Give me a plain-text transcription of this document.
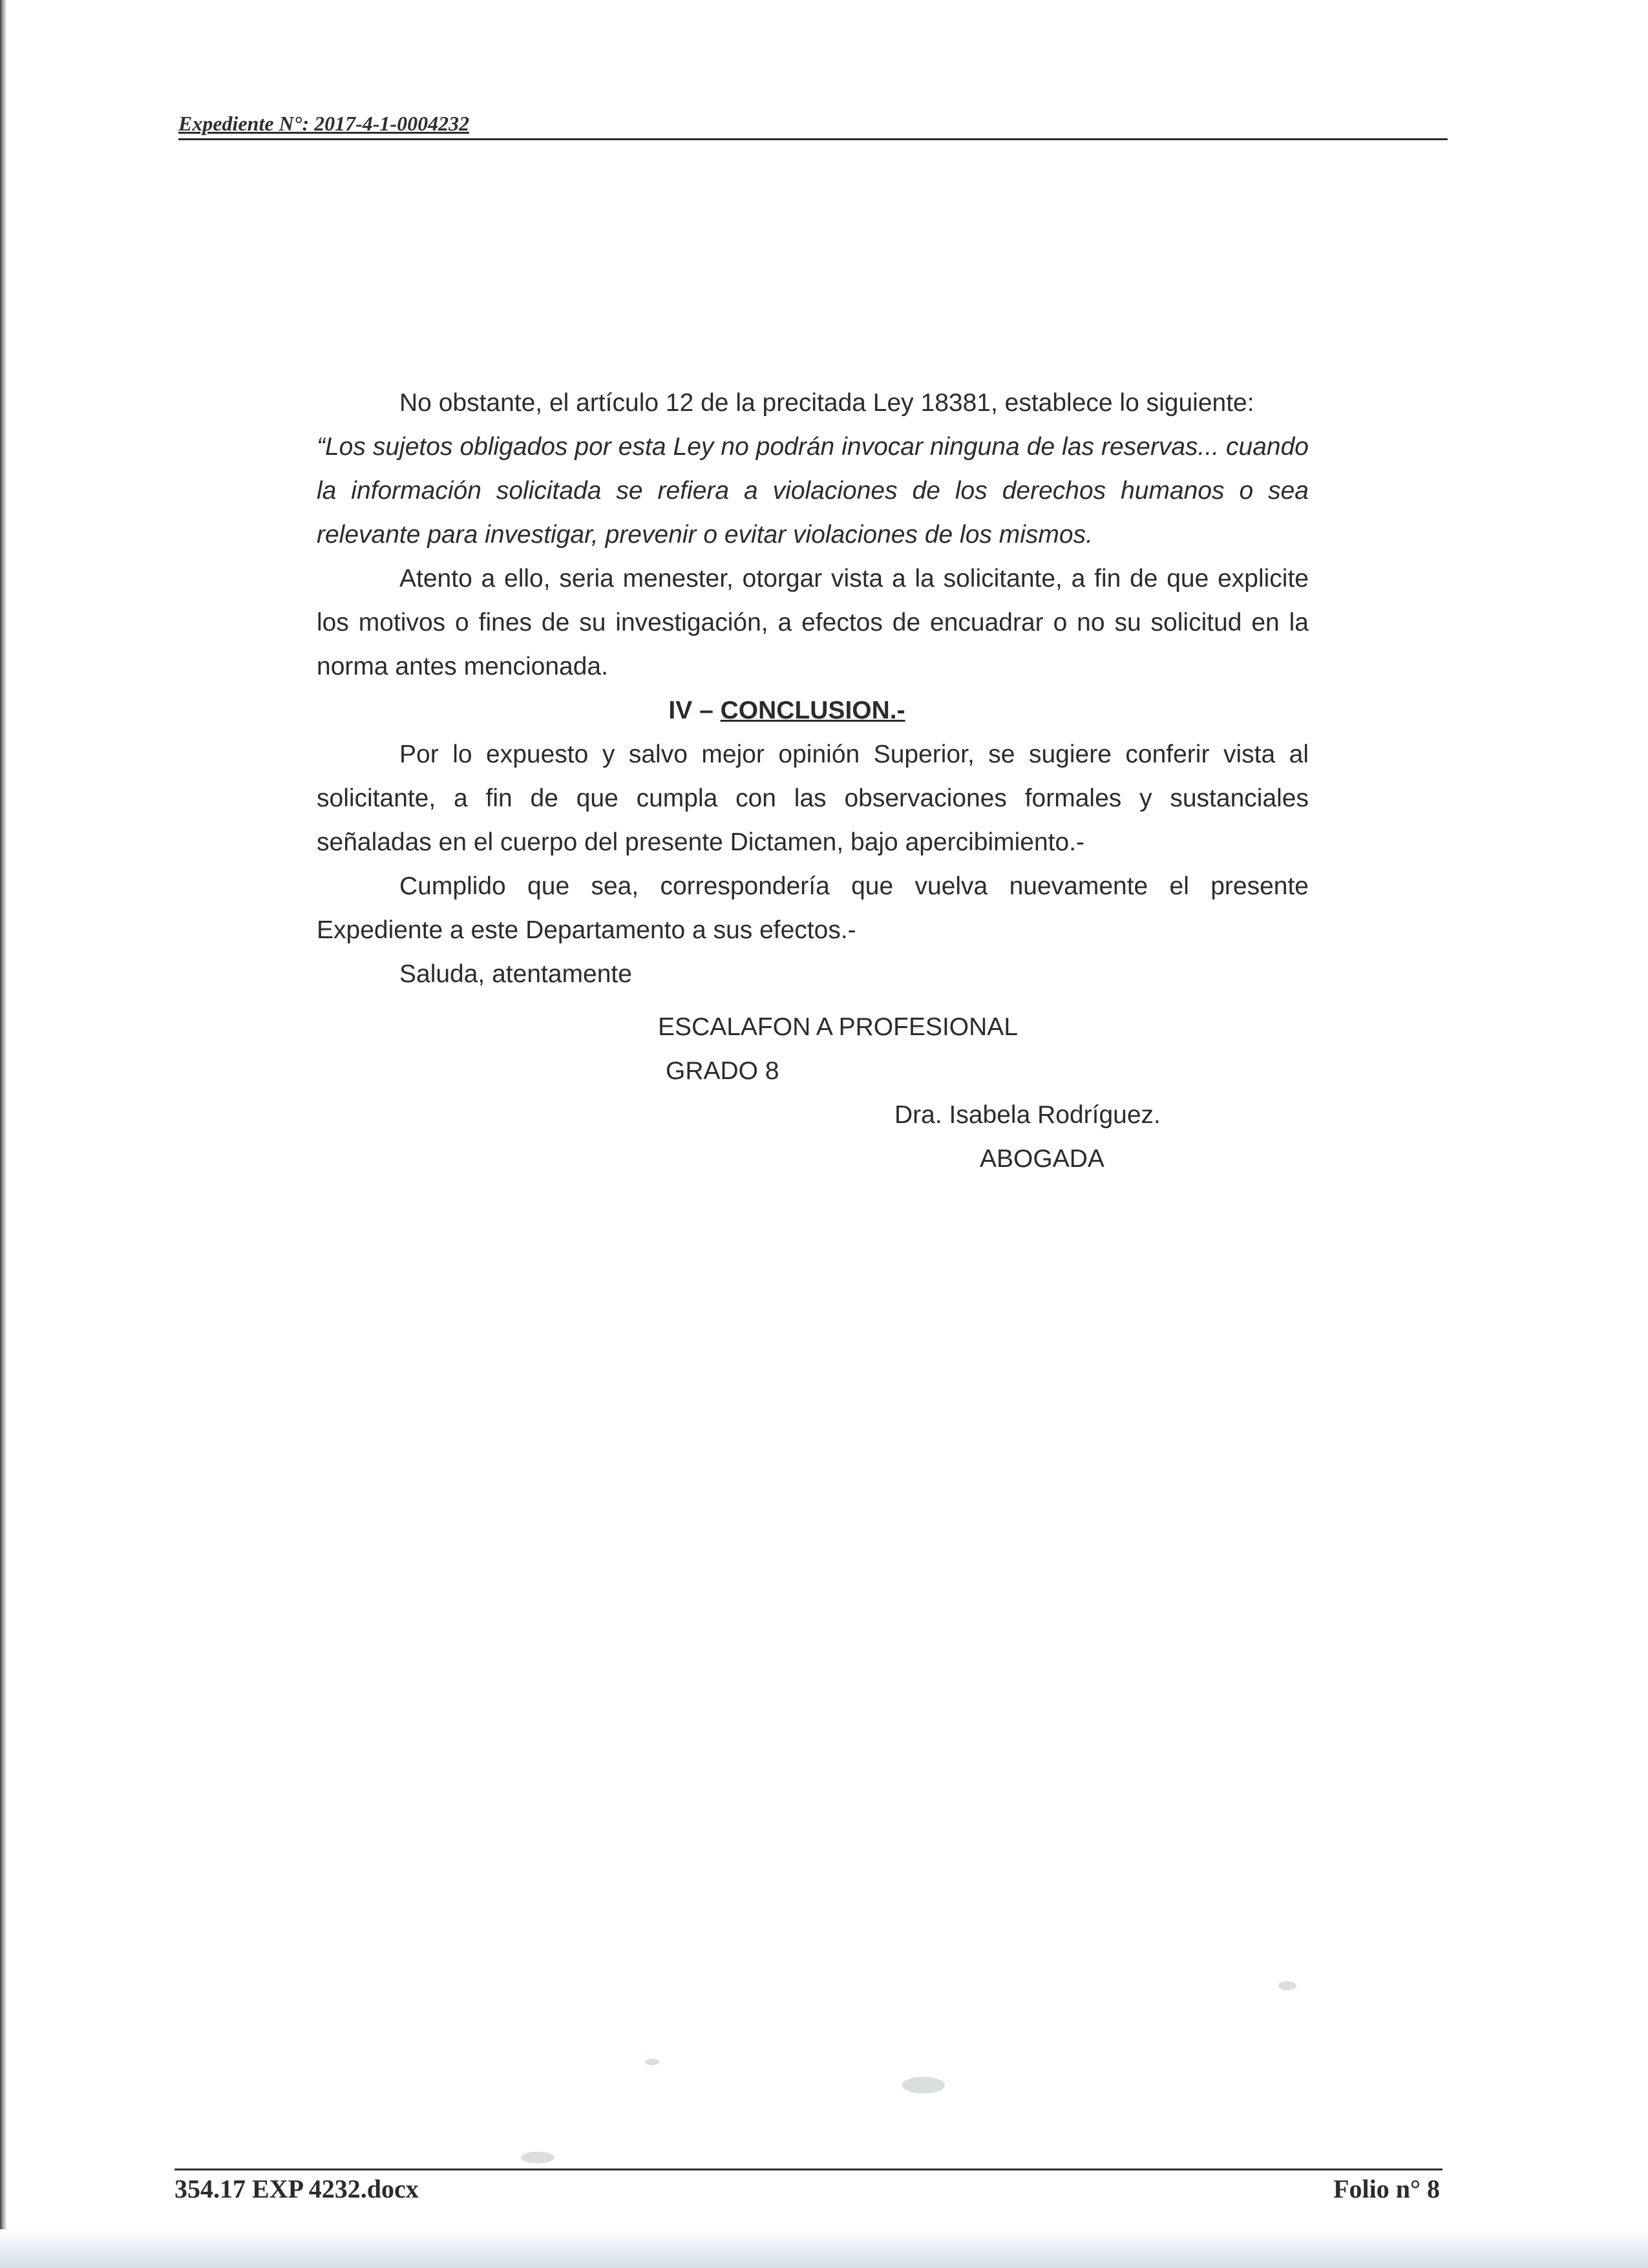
Expediente N°: 2017-4-1-0004232

No obstante, el artículo 12 de la precitada Ley 18381, establece lo siguiente:

“Los sujetos obligados por esta Ley no podrán invocar ninguna de las reservas... cuando la información solicitada se refiera a violaciones de los derechos humanos o sea relevante para investigar, prevenir o evitar violaciones de los mismos.

Atento a ello, seria menester, otorgar vista a la solicitante, a fin de que explicite los motivos o fines de su investigación, a efectos de encuadrar o no su solicitud en la norma antes mencionada.

IV – CONCLUSION.-

Por lo expuesto y salvo mejor opinión Superior, se sugiere conferir vista al solicitante, a fin de que cumpla con las observaciones formales y sustanciales señaladas en el cuerpo del presente Dictamen, bajo apercibimiento.-

Cumplido que sea, correspondería que vuelva nuevamente el presente Expediente a este Departamento a sus efectos.-

Saluda, atentamente

ESCALAFON A PROFESIONAL
GRADO 8
Dra. Isabela Rodríguez.
ABOGADA
354.17 EXP 4232.docx	Folio n° 8
